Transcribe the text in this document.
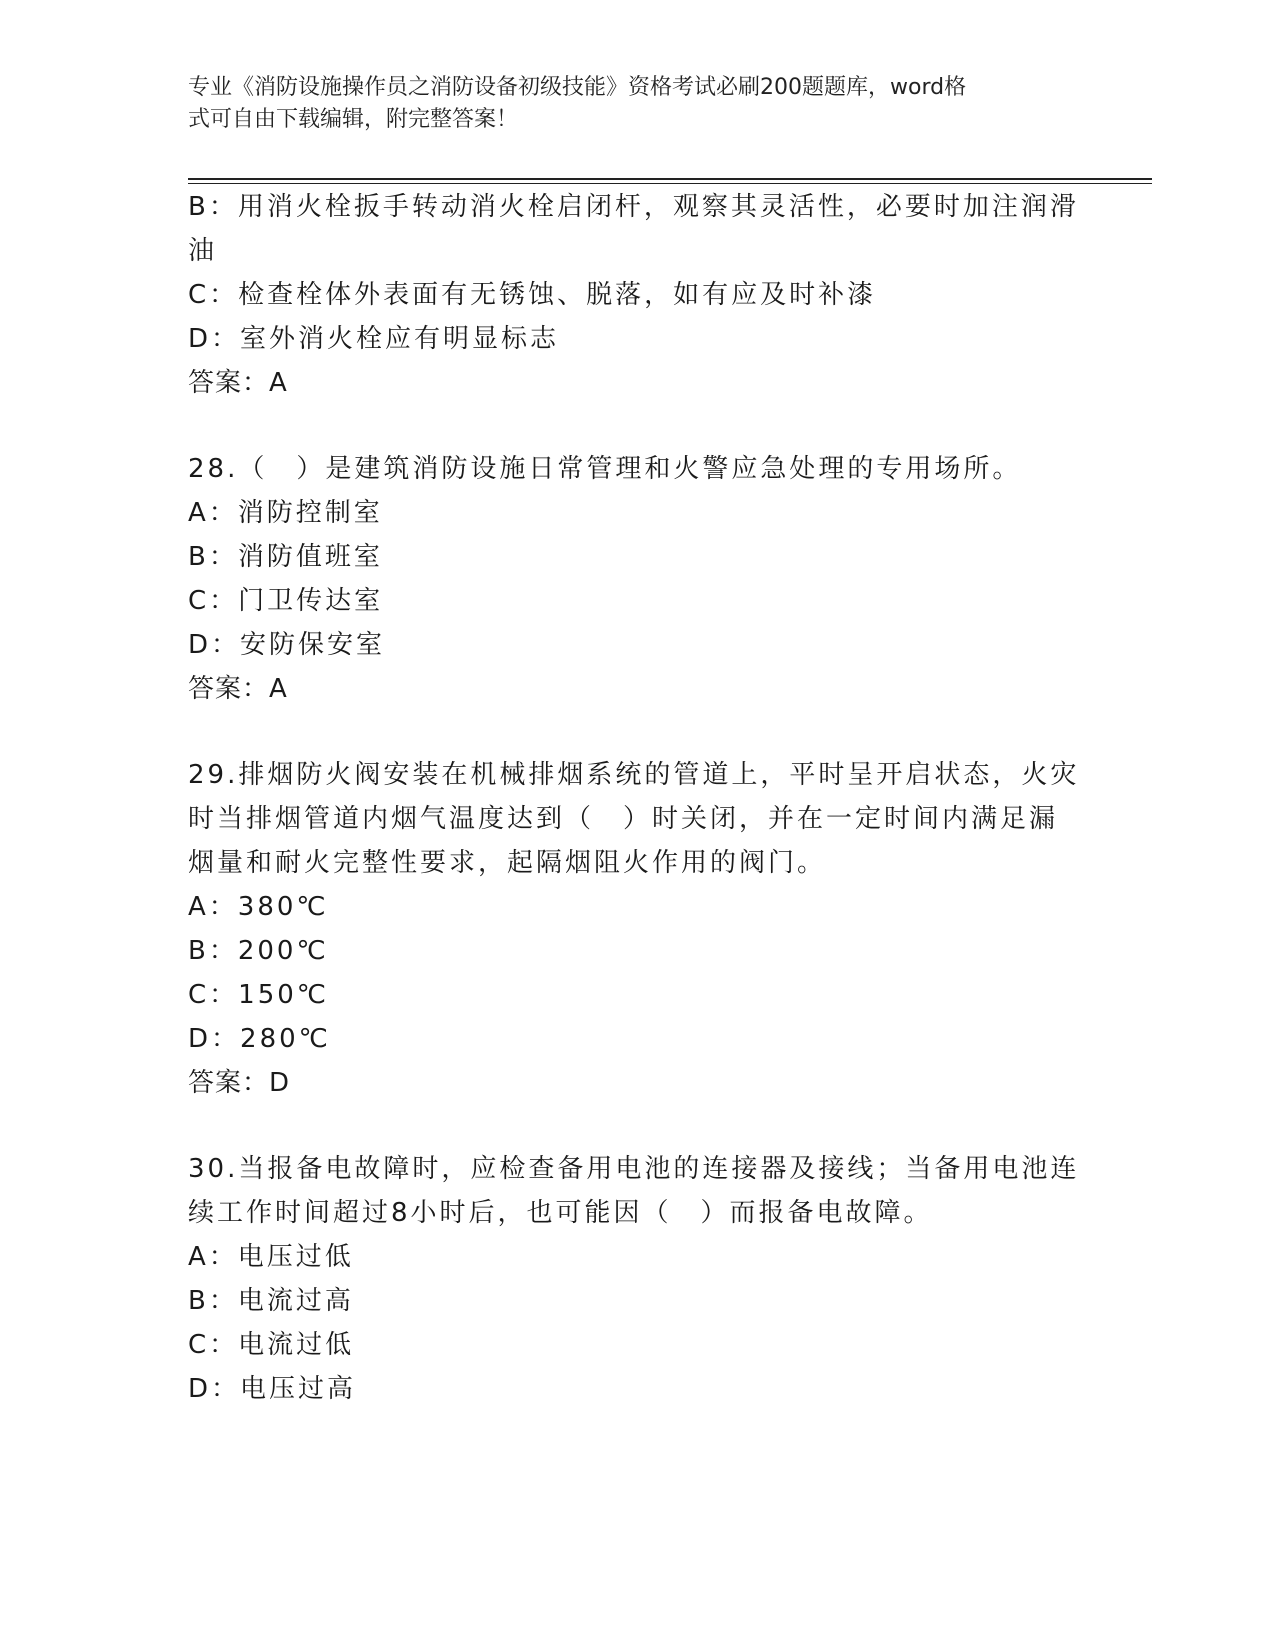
专业《消防设施操作员之消防设备初级技能》资格考试必刷200题题库，word格
式可自由下载编辑，附完整答案！
B：用消火栓扳手转动消火栓启闭杆，观察其灵活性，必要时加注润滑
油
C：检查栓体外表面有无锈蚀、脱落，如有应及时补漆
D：室外消火栓应有明显标志
答案：A
28.（　）是建筑消防设施日常管理和火警应急处理的专用场所。
A：消防控制室
B：消防值班室
C：门卫传达室
D：安防保安室
答案：A
29.排烟防火阀安装在机械排烟系统的管道上，平时呈开启状态，火灾
时当排烟管道内烟气温度达到（　）时关闭，并在一定时间内满足漏
烟量和耐火完整性要求，起隔烟阻火作用的阀门。
A：380℃
B：200℃
C：150℃
D：280℃
答案：D
30.当报备电故障时，应检查备用电池的连接器及接线；当备用电池连
续工作时间超过8小时后，也可能因（　）而报备电故障。
A：电压过低
B：电流过高
C：电流过低
D：电压过高
